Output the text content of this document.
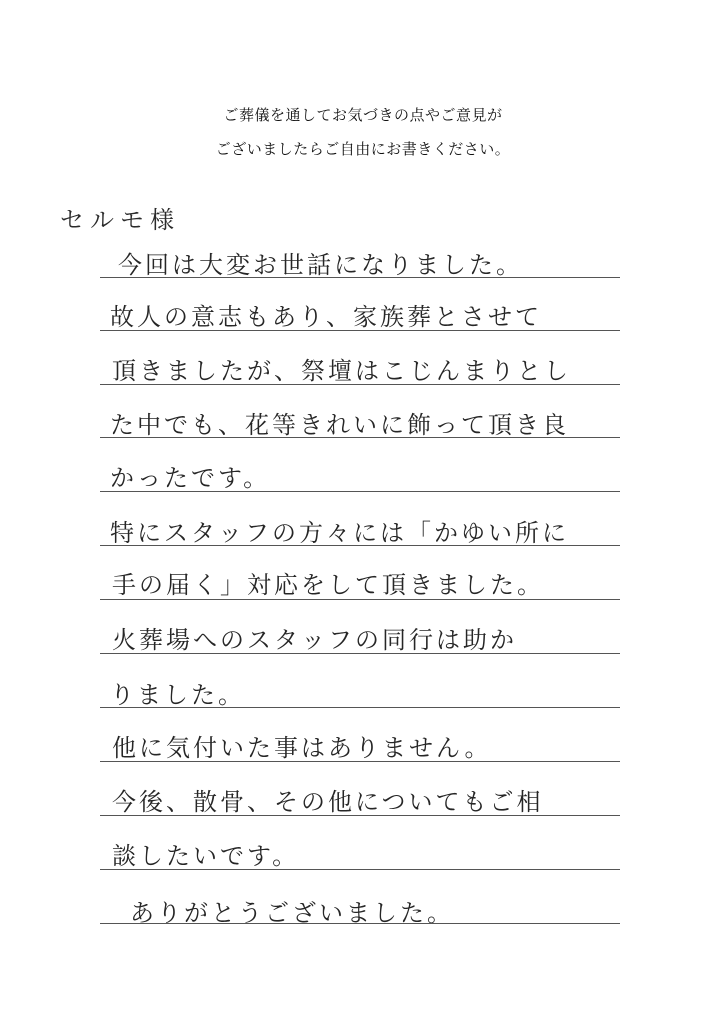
ご葬儀を通してお気づきの点やご意見が
ございましたらご自由にお書きください。
セルモ様
今回は大変お世話になりました。
故人の意志もあり、家族葬とさせて
頂きましたが、祭壇はこじんまりとし
た中でも、花等きれいに飾って頂き良
かったです。
特にスタッフの方々には「かゆい所に
手の届く」対応をして頂きました。
火葬場へのスタッフの同行は助か
りました。
他に気付いた事はありません。
今後、散骨、その他についてもご相
談したいです。
ありがとうございました。
